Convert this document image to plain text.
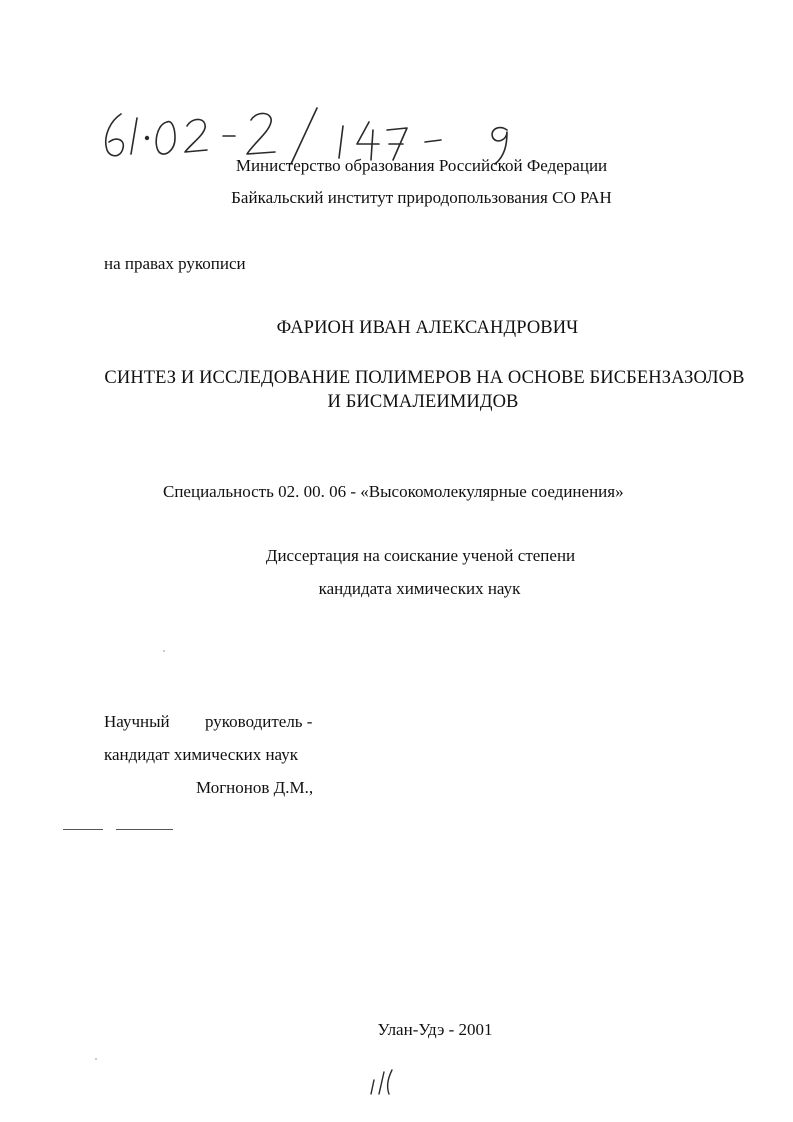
Министерство образования Российской Федерации
Байкальский институт природопользования СО РАН
на правах рукописи
ФАРИОН ИВАН АЛЕКСАНДРОВИЧ
СИНТЕЗ И ИССЛЕДОВАНИЕ ПОЛИМЕРОВ НА ОСНОВЕ БИСБЕНЗАЗОЛОВ
И БИСМАЛЕИМИДОВ
Специальность 02. 00. 06 - «Высокомолекулярные соединения»
Диссертация на соискание ученой степени
кандидата химических наук
Научный руководитель -
кандидат химических наук
Могнонов Д.М.,
Улан-Удэ - 2001
